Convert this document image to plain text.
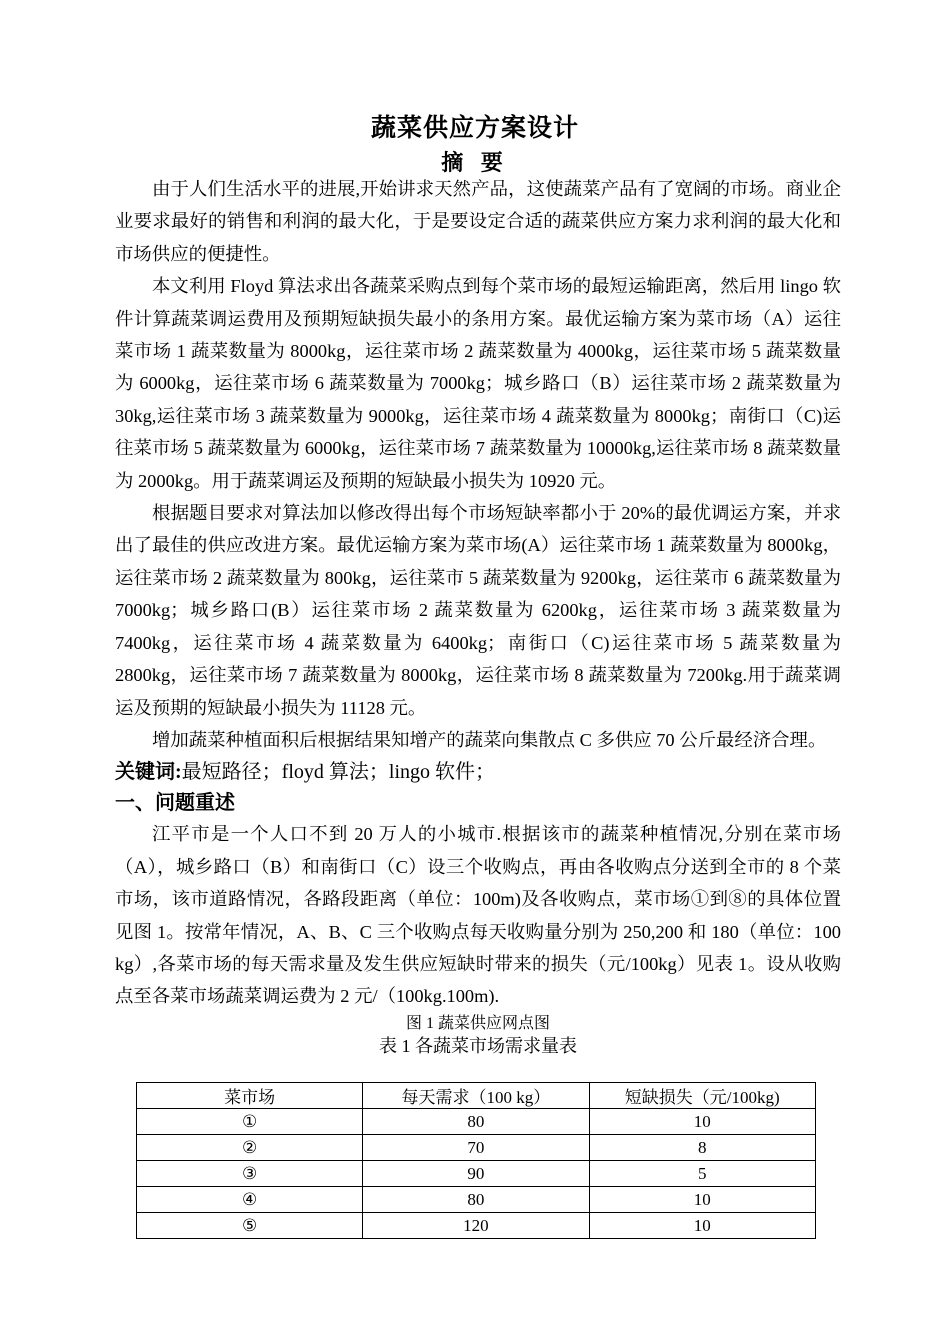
蔬菜供应方案设计
摘 要

由于人们生活水平的进展,开始讲求天然产品，这使蔬菜产品有了宽阔的市场。商业企业要求最好的销售和利润的最大化，于是要设定合适的蔬菜供应方案力求利润的最大化和市场供应的便捷性。

本文利用 Floyd 算法求出各蔬菜采购点到每个菜市场的最短运输距离，然后用 lingo 软件计算蔬菜调运费用及预期短缺损失最小的条用方案。最优运输方案为菜市场（A）运往菜市场 1 蔬菜数量为 8000kg，运往菜市场 2 蔬菜数量为 4000kg，运往菜市场 5 蔬菜数量为 6000kg，运往菜市场 6 蔬菜数量为 7000kg；城乡路口（B）运往菜市场 2 蔬菜数量为 30kg,运往菜市场 3 蔬菜数量为 9000kg，运往菜市场 4 蔬菜数量为 8000kg；南街口（C)运往菜市场 5 蔬菜数量为 6000kg，运往菜市场 7 蔬菜数量为 10000kg,运往菜市场 8 蔬菜数量为 2000kg。用于蔬菜调运及预期的短缺最小损失为 10920 元。

根据题目要求对算法加以修改得出每个市场短缺率都小于 20%的最优调运方案，并求出了最佳的供应改进方案。最优运输方案为菜市场(A）运往菜市场 1 蔬菜数量为 8000kg，运往菜市场 2 蔬菜数量为 800kg，运往菜市 5 蔬菜数量为 9200kg，运往菜市 6 蔬菜数量为 7000kg；城乡路口(B）运往菜市场 2 蔬菜数量为 6200kg，运往菜市场 3 蔬菜数量为 7400kg，运往菜市场 4 蔬菜数量为 6400kg；南街口（C)运往菜市场 5 蔬菜数量为 2800kg，运往菜市场 7 蔬菜数量为 8000kg，运往菜市场 8 蔬菜数量为 7200kg.用于蔬菜调运及预期的短缺最小损失为 11128 元。

增加蔬菜种植面积后根据结果知增产的蔬菜向集散点 C 多供应 70 公斤最经济合理。

关键词:最短路径；floyd 算法；lingo 软件；

一、问题重述

江平市是一个人口不到 20 万人的小城市.根据该市的蔬菜种植情况,分别在菜市场（A），城乡路口（B）和南街口（C）设三个收购点，再由各收购点分送到全市的 8 个菜市场，该市道路情况，各路段距离（单位：100m)及各收购点，菜市场①到⑧的具体位置见图 1。按常年情况，A、B、C 三个收购点每天收购量分别为 250,200 和 180（单位：100 kg）,各菜市场的每天需求量及发生供应短缺时带来的损失（元/100kg）见表 1。设从收购点至各菜市场蔬菜调运费为 2 元/（100kg.100m).

图 1 蔬菜供应网点图

表 1 各蔬菜市场需求量表

菜市场	每天需求（100 kg）	短缺损失（元/100kg)
①	80	10
②	70	8
③	90	5
④	80	10
⑤	120	10
